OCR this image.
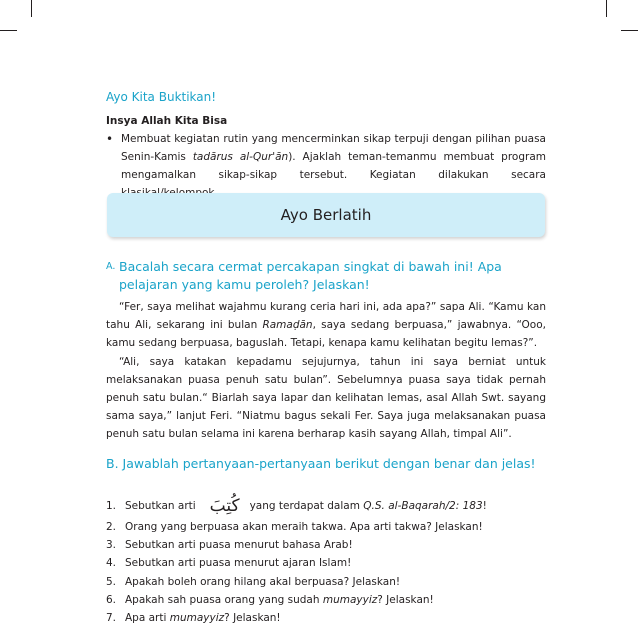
Ayo Kita Buktikan!
Insya Allah Kita Bisa
• Membuat kegiatan rutin yang mencerminkan sikap terpuji dengan pilihan puasa Senin-Kamis tadārus al-Qur'ān). Ajaklah teman-temanmu membuat program mengamalkan sikap-sikap tersebut. Kegiatan dilakukan secara
Ayo Berlatih
A. Bacalah secara cermat percakapan singkat di bawah ini! Apa pelajaran yang kamu peroleh? Jelaskan!

“Fer, saya melihat wajahmu kurang ceria hari ini, ada apa?” sapa Ali. “Kamu kan tahu Ali, sekarang ini bulan Ramaḍān, saya sedang berpuasa,” jawabnya. “Ooo, kamu sedang berpuasa, baguslah. Tetapi, kenapa kamu kelihatan begitu lemas?”.

“Ali, saya katakan kepadamu sejujurnya, tahun ini saya berniat untuk melaksanakan puasa penuh satu bulan”. Sebelumnya puasa saya tidak pernah penuh satu bulan.“ Biarlah saya lapar dan kelihatan lemas, asal Allah Swt. sayang sama saya,” lanjut Feri. “Niatmu bagus sekali Fer. Saya juga melaksanakan puasa penuh satu bulan selama ini karena berharap kasih sayang Allah, timpal Ali”.

B. Jawablah pertanyaan-pertanyaan berikut dengan benar dan jelas!
1. Sebutkan arti كُتِبَ yang terdapat dalam Q.S. al-Baqarah/2: 183!
2. Orang yang berpuasa akan meraih takwa. Apa arti takwa? Jelaskan!
3. Sebutkan arti puasa menurut bahasa Arab!
4. Sebutkan arti puasa menurut ajaran Islam!
5. Apakah boleh orang hilang akal berpuasa? Jelaskan!
6. Apakah sah puasa orang yang sudah mumayyiz? Jelaskan!
7. Apa arti mumayyiz? Jelaskan!
